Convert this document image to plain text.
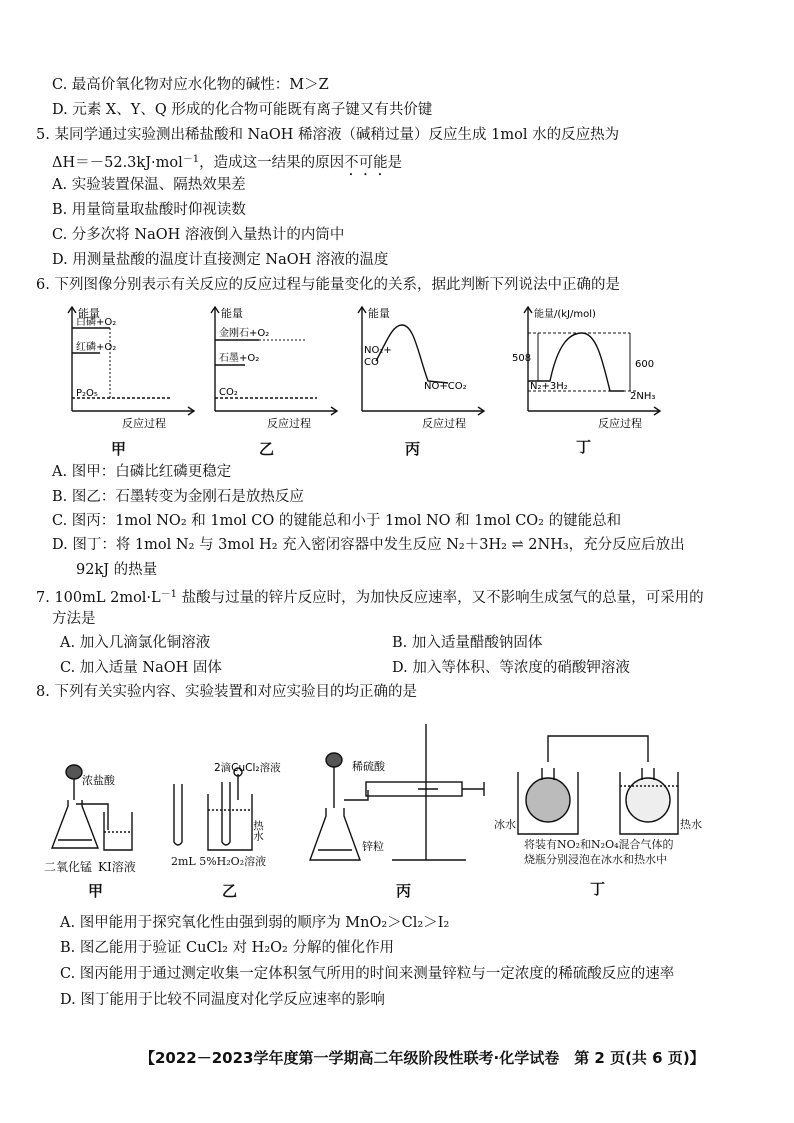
C. 最高价氧化物对应水化物的碱性：M＞Z
D. 元素 X、Y、Q 形成的化合物可能既有离子键又有共价键
5. 某同学通过实验测出稀盐酸和 NaOH 稀溶液（碱稍过量）反应生成 1mol 水的反应热为
ΔH＝－52.3kJ·mol$^{-1}$，造成这一结果的原因不可能是
A. 实验装置保温、隔热效果差
B. 用量筒量取盐酸时仰视读数
C. 分多次将 NaOH 溶液倒入量热计的内筒中
D. 用测量盐酸的温度计直接测定 NaOH 溶液的温度
6. 下列图像分别表示有关反应的反应过程与能量变化的关系，据此判断下列说法中正确的是
能量
白磷+O₂
红磷+O₂
P₂O₅
反应过程
甲
能量
金刚石+O₂
石墨+O₂
CO₂
反应过程
乙
能量
NO₂+
CO
NO+CO₂
反应过程
丙
能量/(kJ/mol)
508
600
N₂+3H₂
2NH₃
反应过程
丁
A. 图甲：白磷比红磷更稳定
B. 图乙：石墨转变为金刚石是放热反应
C. 图丙：1mol NO₂ 和 1mol CO 的键能总和小于 1mol NO 和 1mol CO₂ 的键能总和
D. 图丁：将 1mol N₂ 与 3mol H₂ 充入密闭容器中发生反应 N₂＋3H₂ ⇌ 2NH₃，充分反应后放出
92kJ 的热量
7. 100mL $2mol\cdot L^{-1}$ 盐酸与过量的锌片反应时，为加快反应速率，又不影响生成氢气的总量，可采用的
方法是
A. 加入几滴氯化铜溶液	B. 加入适量醋酸钠固体
C. 加入适量 NaOH 固体	D. 加入等体积、等浓度的硝酸钾溶液
8. 下列有关实验内容、实验装置和对应实验目的均正确的是
浓盐酸
二氧化锰 KI溶液
甲
2滴CuCl₂溶液
热水
2mL 5%H₂O₂溶液
乙
稀硫酸
锌粒
丙
冰水	热水
将装有NO₂和N₂O₄混合气体的
烧瓶分别浸泡在冰水和热水中
丁
A. 图甲能用于探究氧化性由强到弱的顺序为 MnO₂＞Cl₂＞I₂
B. 图乙能用于验证 CuCl₂ 对 H₂O₂ 分解的催化作用
C. 图丙能用于通过测定收集一定体积氢气所用的时间来测量锌粒与一定浓度的稀硫酸反应的速率
D. 图丁能用于比较不同温度对化学反应速率的影响
【2022－2023学年度第一学期高二年级阶段性联考·化学试卷　第 2 页(共 6 页)】
